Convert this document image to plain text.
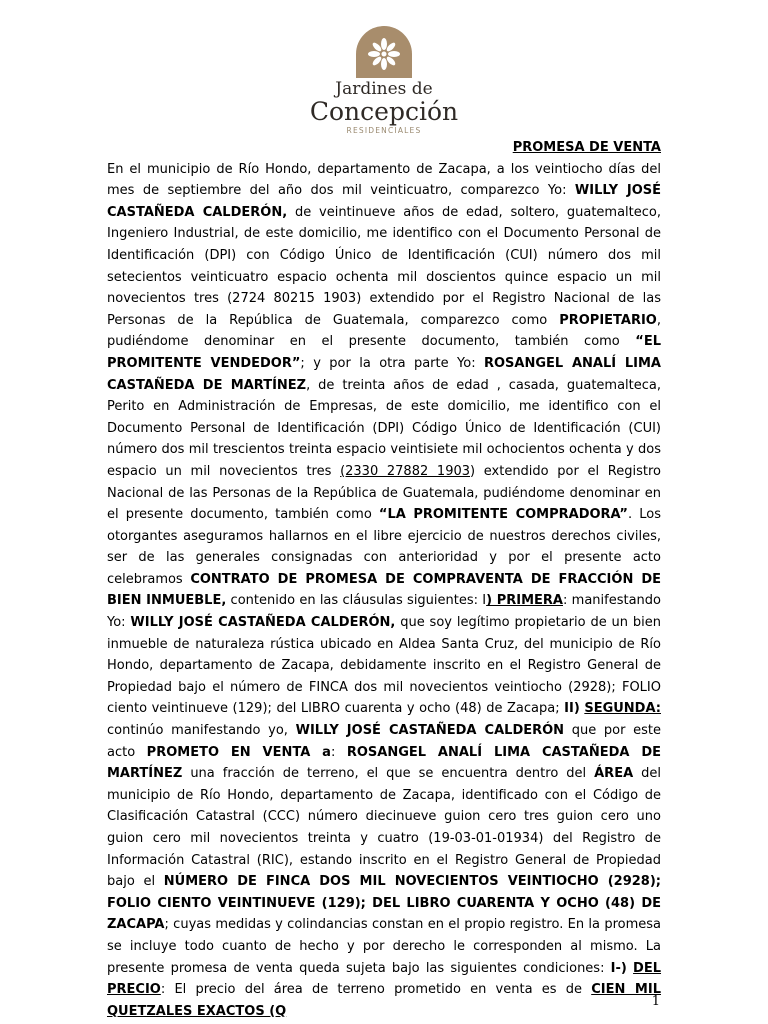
Jardines de
Concepción
RESIDENCIALES

PROMESA DE VENTA

En el municipio de Río Hondo, departamento de Zacapa, a los veintiocho días del mes de septiembre del año dos mil veinticuatro, comparezco Yo: WILLY JOSÉ CASTAÑEDA CALDERÓN, de veintinueve años de edad, soltero, guatemalteco, Ingeniero Industrial, de este domicilio, me identifico con el Documento Personal de Identificación (DPI) con Código Único de Identificación (CUI) número dos mil setecientos veinticuatro espacio ochenta mil doscientos quince espacio un mil novecientos tres (2724 80215 1903) extendido por el Registro Nacional de las Personas de la República de Guatemala, comparezco como PROPIETARIO, pudiéndome denominar en el presente documento, también como “EL PROMITENTE VENDEDOR”; y por la otra parte Yo: ROSANGEL ANALÍ LIMA CASTAÑEDA DE MARTÍNEZ, de treinta años de edad , casada, guatemalteca, Perito en Administración de Empresas, de este domicilio, me identifico con el Documento Personal de Identificación (DPI) Código Único de Identificación (CUI) número dos mil trescientos treinta espacio veintisiete mil ochocientos ochenta y dos espacio un mil novecientos tres (2330 27882 1903) extendido por el Registro Nacional de las Personas de la República de Guatemala, pudiéndome denominar en el presente documento, también como “LA PROMITENTE COMPRADORA”. Los otorgantes aseguramos hallarnos en el libre ejercicio de nuestros derechos civiles, ser de las generales consignadas con anterioridad y por el presente acto celebramos CONTRATO DE PROMESA DE COMPRAVENTA DE FRACCIÓN DE BIEN INMUEBLE, contenido en las cláusulas siguientes: I) PRIMERA: manifestando Yo: WILLY JOSÉ CASTAÑEDA CALDERÓN, que soy legítimo propietario de un bien inmueble de naturaleza rústica ubicado en Aldea Santa Cruz, del municipio de Río Hondo, departamento de Zacapa, debidamente inscrito en el Registro General de Propiedad bajo el número de FINCA dos mil novecientos veintiocho (2928); FOLIO ciento veintinueve (129); del LIBRO cuarenta y ocho (48) de Zacapa; II) SEGUNDA: continúo manifestando yo, WILLY JOSÉ CASTAÑEDA CALDERÓN que por este acto PROMETO EN VENTA a: ROSANGEL ANALÍ LIMA CASTAÑEDA DE MARTÍNEZ una fracción de terreno, el que se encuentra dentro del ÁREA del municipio de Río Hondo, departamento de Zacapa, identificado con el Código de Clasificación Catastral (CCC) número diecinueve guion cero tres guion cero uno guion cero mil novecientos treinta y cuatro (19-03-01-01934) del Registro de Información Catastral (RIC), estando inscrito en el Registro General de Propiedad bajo el NÚMERO DE FINCA DOS MIL NOVECIENTOS VEINTIOCHO (2928); FOLIO CIENTO VEINTINUEVE (129); DEL LIBRO CUARENTA Y OCHO (48) DE ZACAPA; cuyas medidas y colindancias constan en el propio registro. En la promesa se incluye todo cuanto de hecho y por derecho le corresponden al mismo. La presente promesa de venta queda sujeta bajo las siguientes condiciones: I-) DEL PRECIO: El precio del área de terreno prometido en venta es de CIEN MIL QUETZALES EXACTOS (Q

1
